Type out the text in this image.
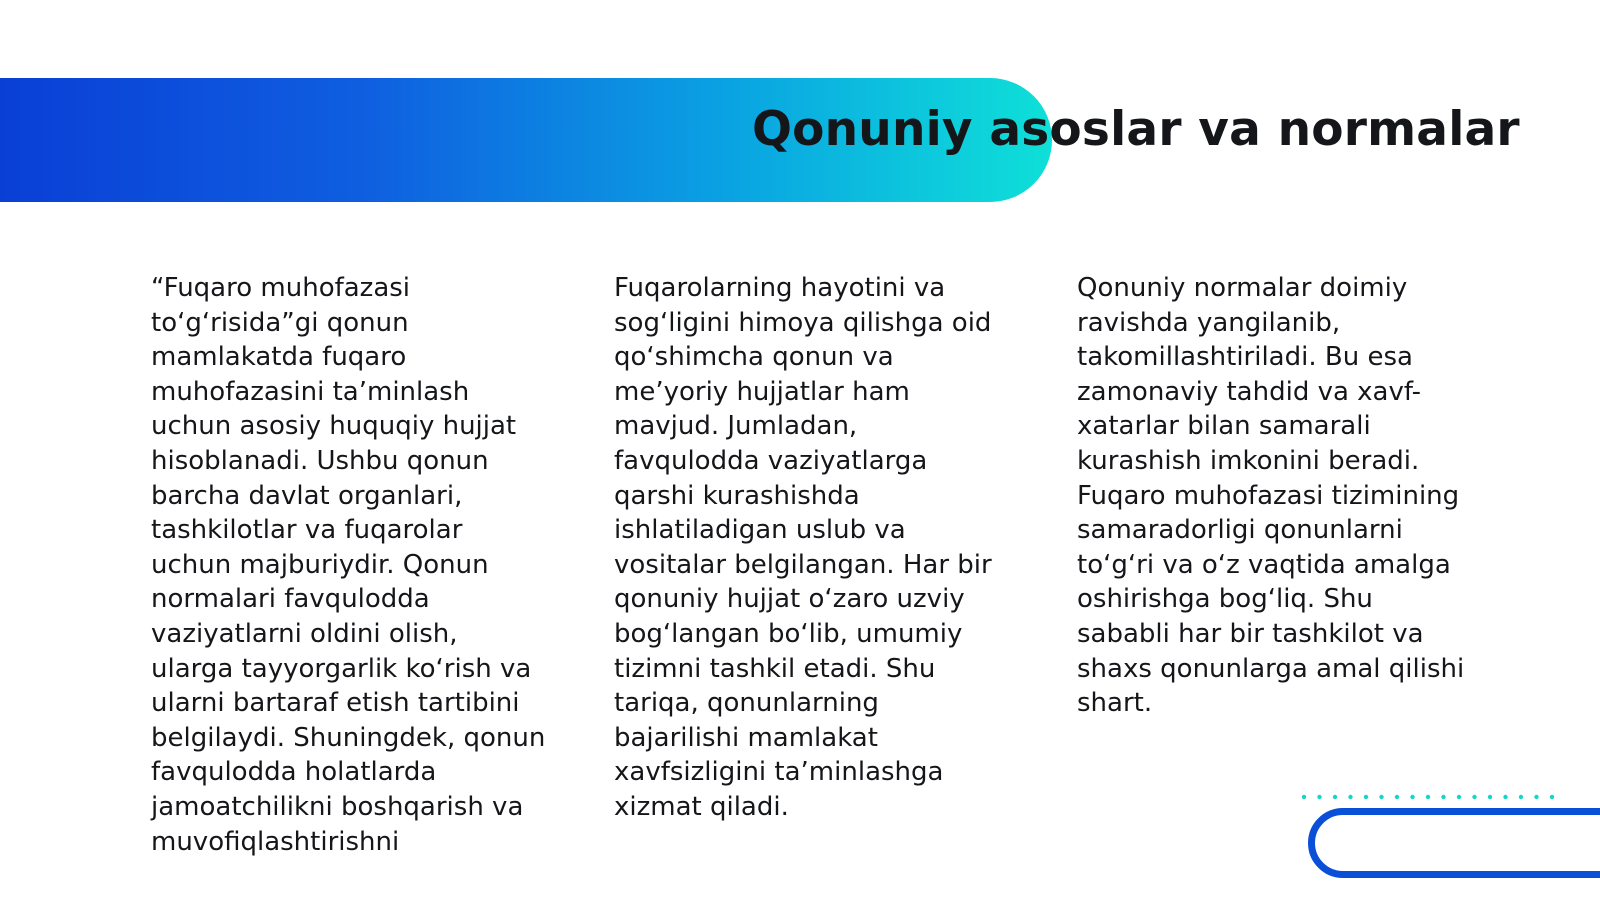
Qonuniy asoslar va normalar

“Fuqaro muhofazasi to‘g‘risida”gi qonun mamlakatda fuqaro muhofazasini ta’minlash uchun asosiy huquqiy hujjat hisoblanadi. Ushbu qonun barcha davlat organlari, tashkilotlar va fuqarolar uchun majburiydir. Qonun normalari favqulodda vaziyatlarni oldini olish, ularga tayyorgarlik ko‘rish va ularni bartaraf etish tartibini belgilaydi. Shuningdek, qonun favqulodda holatlarda jamoatchilikni boshqarish va muvofiqlashtirishni

Fuqarolarning hayotini va sog‘ligini himoya qilishga oid qo‘shimcha qonun va me’yoriy hujjatlar ham mavjud. Jumladan, favqulodda vaziyatlarga qarshi kurashishda ishlatiladigan uslub va vositalar belgilangan. Har bir qonuniy hujjat o‘zaro uzviy bog‘langan bo‘lib, umumiy tizimni tashkil etadi. Shu tariqa, qonunlarning bajarilishi mamlakat xavfsizligini ta’minlashga xizmat qiladi.

Qonuniy normalar doimiy ravishda yangilanib, takomillashtiriladi. Bu esa zamonaviy tahdid va xavf-xatarlar bilan samarali kurashish imkonini beradi. Fuqaro muhofazasi tizimining samaradorligi qonunlarni to‘g‘ri va o‘z vaqtida amalga oshirishga bog‘liq. Shu sababli har bir tashkilot va shaxs qonunlarga amal qilishi shart.
